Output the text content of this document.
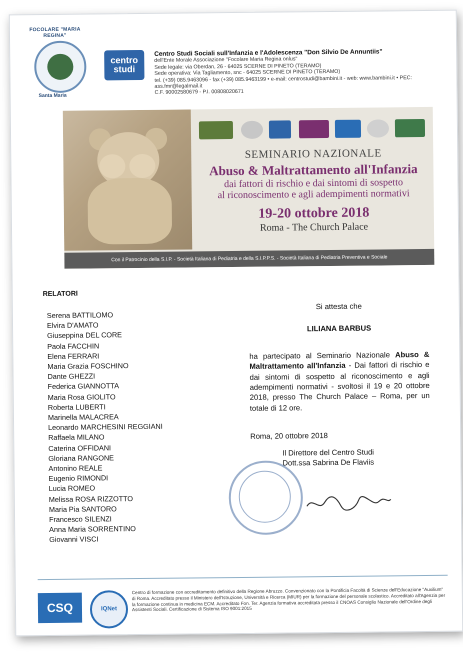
FOCOLARE "MARIA REGINA"
Santa Maria
centro studi
Centro Studi Sociali sull'Infanzia e l'Adolescenza "Don Silvio De Annuntiis"
dell'Ente Morale Associazione "Focolare Maria Regina onlus"
Sede legale: via Oberdan, 26 - 64025 SCERNE DI PINETO (TERAMO)
Sede operativa: Via Tagliamento, snc - 64025 SCERNE DI PINETO (TERAMO)
tel. (+39) 085.9463096 - fax (+39) 085.9463199 • e-mail: centrostudi@bambini.it - web: www.bambini.it • PEC: ass.fmr@legalmail.it
C.F. 90002580679 - P.I. 00808020671
SEMINARIO NAZIONALE
Abuso & Maltrattamento all'Infanzia
dai fattori di rischio e dai sintomi di sospetto
al riconoscimento e agli adempimenti normativi
19-20 ottobre 2018
Roma - The Church Palace
Con il Patrocinio della S.I.P. - Società Italiana di Pediatria e della S.I.P.P.S. - Società Italiana di Pediatria Preventiva e Sociale
RELATORI
Serena BATTILOMO
Elvira D'AMATO
Giuseppina DEL CORE
Paola FACCHIN
Elena FERRARI
Maria Grazia FOSCHINO
Dante GHEZZI
Federica GIANNOTTA
Maria Rosa GIOLITO
Roberta LUBERTI
Marinella MALACREA
Leonardo MARCHESINI REGGIANI
Raffaela MILANO
Caterina OFFIDANI
Gloriana RANGONE
Antonino REALE
Eugenio RIMONDI
Lucia ROMEO
Melissa ROSA RIZZOTTO
Maria Pia SANTORO
Francesco SILENZI
Anna Maria SORRENTINO
Giovanni VISCI
Si attesta che
LILIANA BARBUS
ha partecipato al Seminario Nazionale Abuso & Maltrattamento all'Infanzia - Dai fattori di rischio e dai sintomi di sospetto al riconoscimento e agli adempimenti normativi - svoltosi il 19 e 20 ottobre 2018, presso The Church Palace – Roma, per un totale di 12 ore.
Roma, 20 ottobre 2018
Il Direttore del Centro Studi
Dott.ssa Sabrina De Flaviis
CSQ	IQNet
Centro di formazione con accreditamento definitivo della Regione Abruzzo. Convenzionato con la Pontificia Facoltà di Scienze dell'Educazione "Auxilium" di Roma. Accreditato presso il Ministero dell'Istruzione, Università e Ricerca (MIUR) per la formazione del personale scolastico. Accreditato all'Agenzia per la formazione continua in medicina ECM. Accreditato Fon. Ter. Agenzia formativa accreditata presso il CNOAS Consiglio Nazionale dell'Ordine degli Assistenti Sociali. Certificazione di Sistema ISO 9001:2015
